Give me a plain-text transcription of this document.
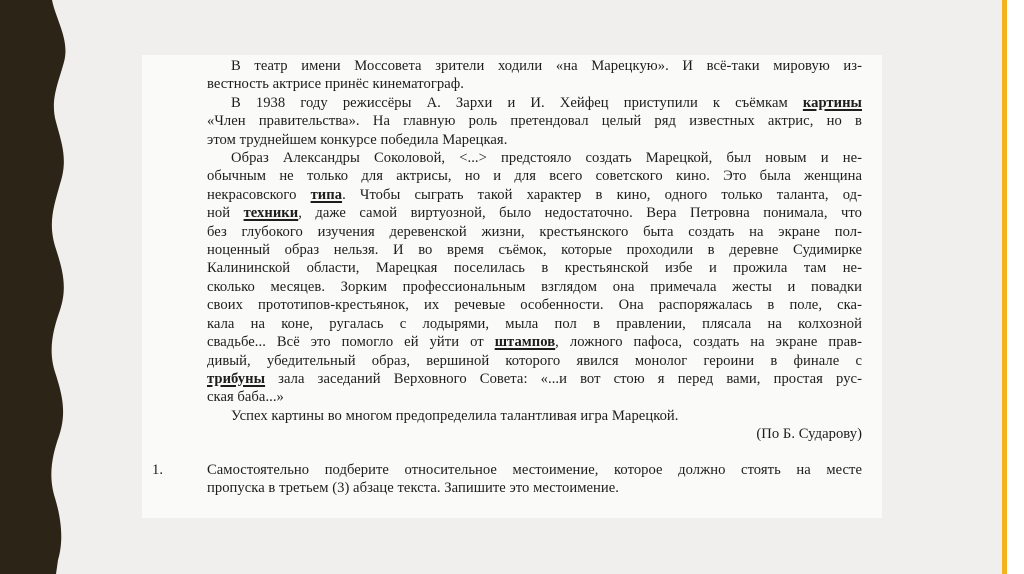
В театр имени Моссовета зрители ходили «на Марецкую». И всё-таки мировую из-
вестность актрисе принёс кинематограф.
В 1938 году режиссёры А. Зархи и И. Хейфец приступили к съёмкам картины
«Член правительства». На главную роль претендовал целый ряд известных актрис, но в
этом труднейшем конкурсе победила Марецкая.
Образ Александры Соколовой, <...> предстояло создать Марецкой, был новым и не-
обычным не только для актрисы, но и для всего советского кино. Это была женщина
некрасовского типа. Чтобы сыграть такой характер в кино, одного только таланта, од-
ной техники, даже самой виртуозной, было недостаточно. Вера Петровна понимала, что
без глубокого изучения деревенской жизни, крестьянского быта создать на экране пол-
ноценный образ нельзя. И во время съёмок, которые проходили в деревне Судимирке
Калининской области, Марецкая поселилась в крестьянской избе и прожила там не-
сколько месяцев. Зорким профессиональным взглядом она примечала жесты и повадки
своих прототипов-крестьянок, их речевые особенности. Она распоряжалась в поле, ска-
кала на коне, ругалась с лодырями, мыла пол в правлении, плясала на колхозной
свадьбе... Всё это помогло ей уйти от штампов, ложного пафоса, создать на экране прав-
дивый, убедительный образ, вершиной которого явился монолог героини в финале с
трибуны зала заседаний Верховного Совета: «...и вот стою я перед вами, простая рус-
ская баба...»
Успех картины во многом предопределила талантливая игра Марецкой.
(По Б. Сударову)
1.	Самостоятельно подберите относительное местоимение, которое должно стоять на месте
пропуска в третьем (3) абзаце текста. Запишите это местоимение.
